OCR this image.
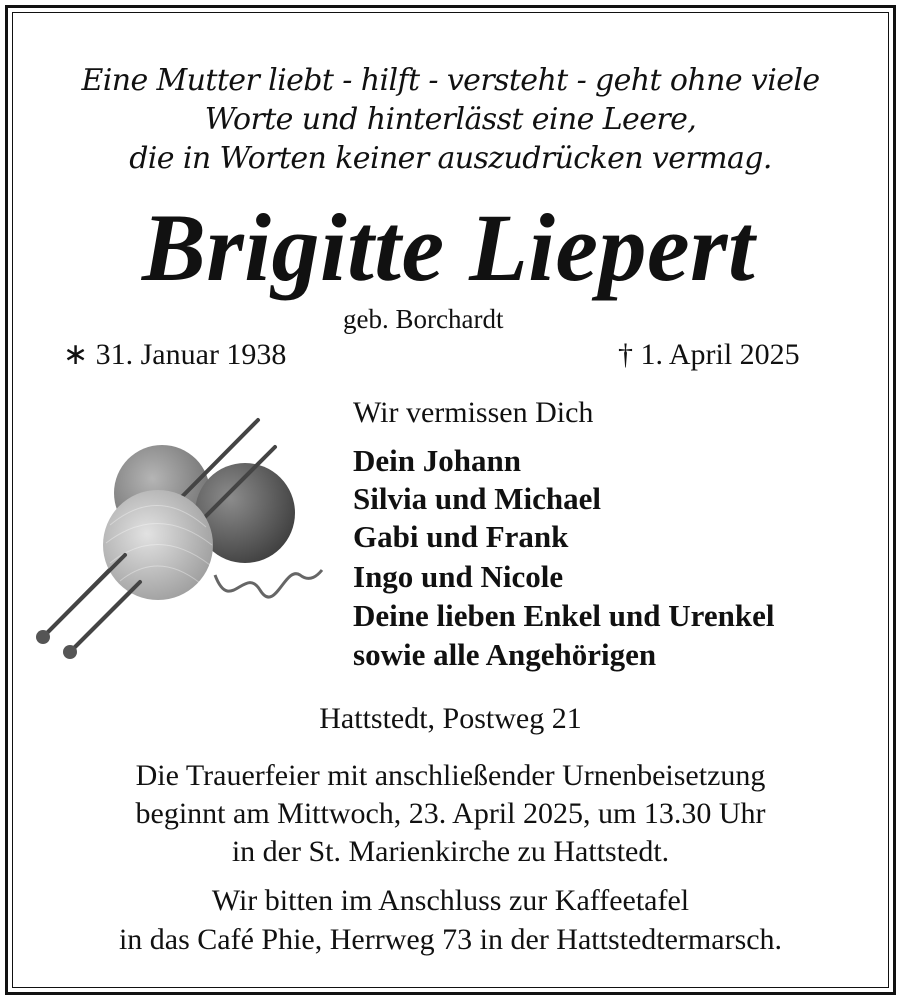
Eine Mutter liebt - hilft - versteht - geht ohne viele
Worte und hinterlässt eine Leere,
die in Worten keiner auszudrücken vermag.
Brigitte Liepert
geb. Borchardt
∗ 31. Januar 1938	† 1. April 2025
Wir vermissen Dich
Dein Johann
Silvia und Michael
Gabi und Frank
Ingo und Nicole
Deine lieben Enkel und Urenkel
sowie alle Angehörigen
Hattstedt, Postweg 21
Die Trauerfeier mit anschließender Urnenbeisetzung
beginnt am Mittwoch, 23. April 2025, um 13.30 Uhr
in der St. Marienkirche zu Hattstedt.
Wir bitten im Anschluss zur Kaffeetafel
in das Café Phie, Herrweg 73 in der Hattstedtermarsch.
